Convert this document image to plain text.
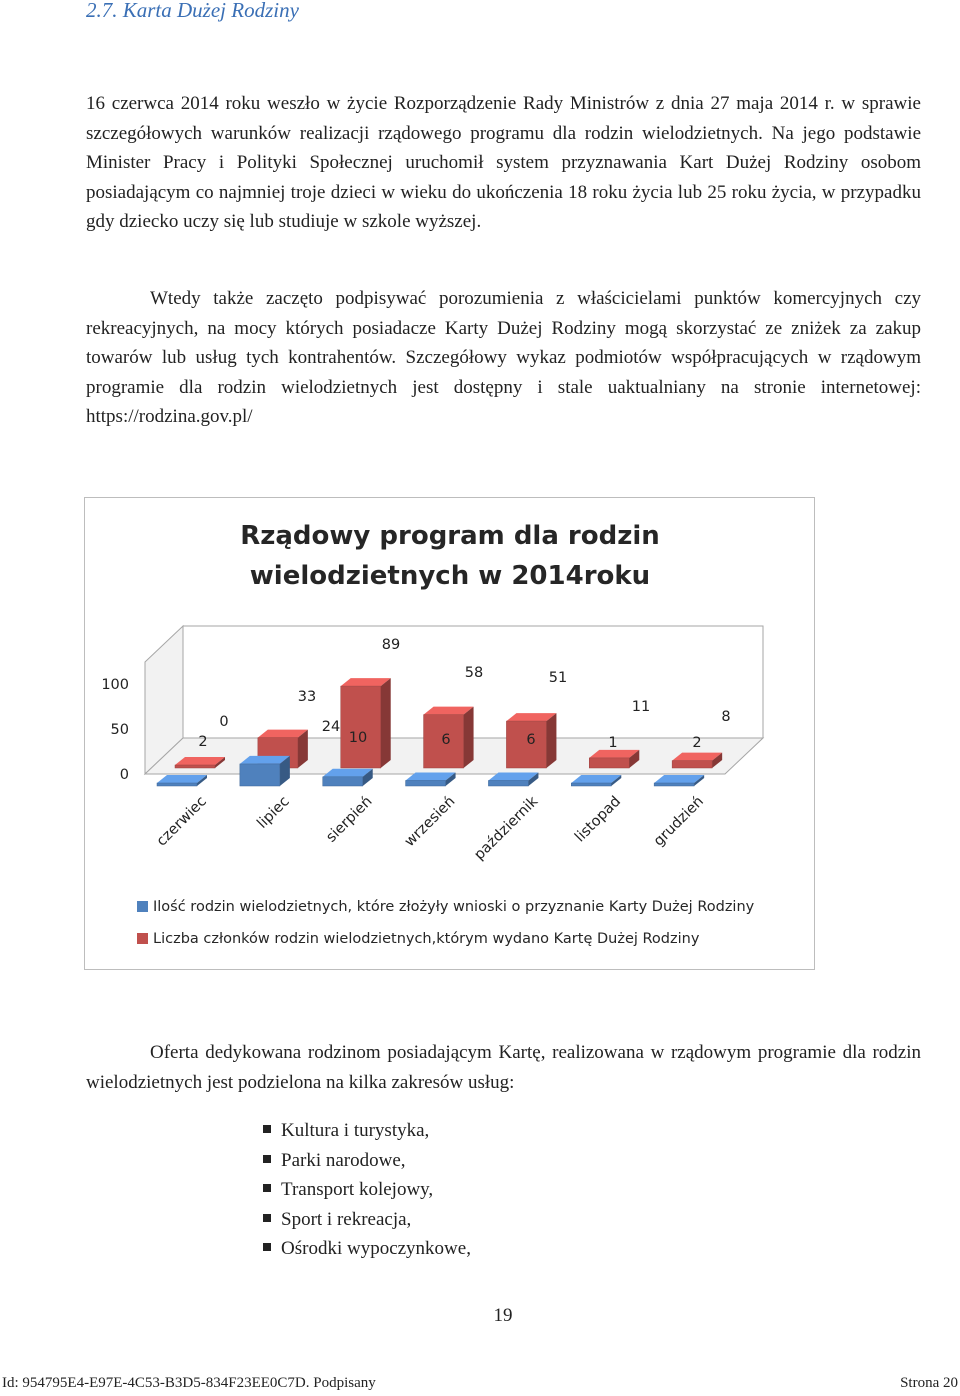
2.7. Karta Dużej Rodziny

16 czerwca 2014 roku weszło w życie Rozporządzenie Rady Ministrów z dnia 27 maja 2014 r. w sprawie szczegółowych warunków realizacji rządowego programu dla rodzin wielodzietnych. Na jego podstawie Minister Pracy i Polityki Społecznej uruchomił system przyznawania Kart Dużej Rodziny osobom posiadającym co najmniej troje dzieci w wieku do ukończenia 18 roku życia lub 25 roku życia, w przypadku gdy dziecko uczy się lub studiuje w szkole wyższej.

Wtedy także zaczęto podpisywać porozumienia z właścicielami punktów komercyjnych czy rekreacyjnych, na mocy których posiadacze Karty Dużej Rodziny mogą skorzystać ze zniżek za zakup towarów lub usług tych kontrahentów. Szczegółowy wykaz podmiotów współpracujących w rządowym programie dla rodzin wielodzietnych jest dostępny i stale uaktualniany na stronie internetowej: https://rodzina.gov.pl/

Rządowy program dla rodzin
wielodzietnych w 2014roku
0
50
100
0
33
89
58	51
11
8
2
24
10	6	6	1	2
czerwiec	lipiec sierpień wrzesień październik listopad grudzień
Ilość rodzin wielodzietnych, które złożyły wnioski o przyznanie Karty Dużej Rodziny
Liczba członków rodzin wielodzietnych,którym wydano Kartę Dużej Rodziny

Oferta dedykowana rodzinom posiadającym Kartę, realizowana w rządowym programie dla rodzin wielodzietnych jest podzielona na kilka zakresów usług:

Kultura i turystyka,
Parki narodowe,
Transport kolejowy,
Sport i rekreacja,
Ośrodki wypoczynkowe,
19
Id: 954795E4-E97E-4C53-B3D5-834F23EE0C7D. Podpisany	Strona 20
